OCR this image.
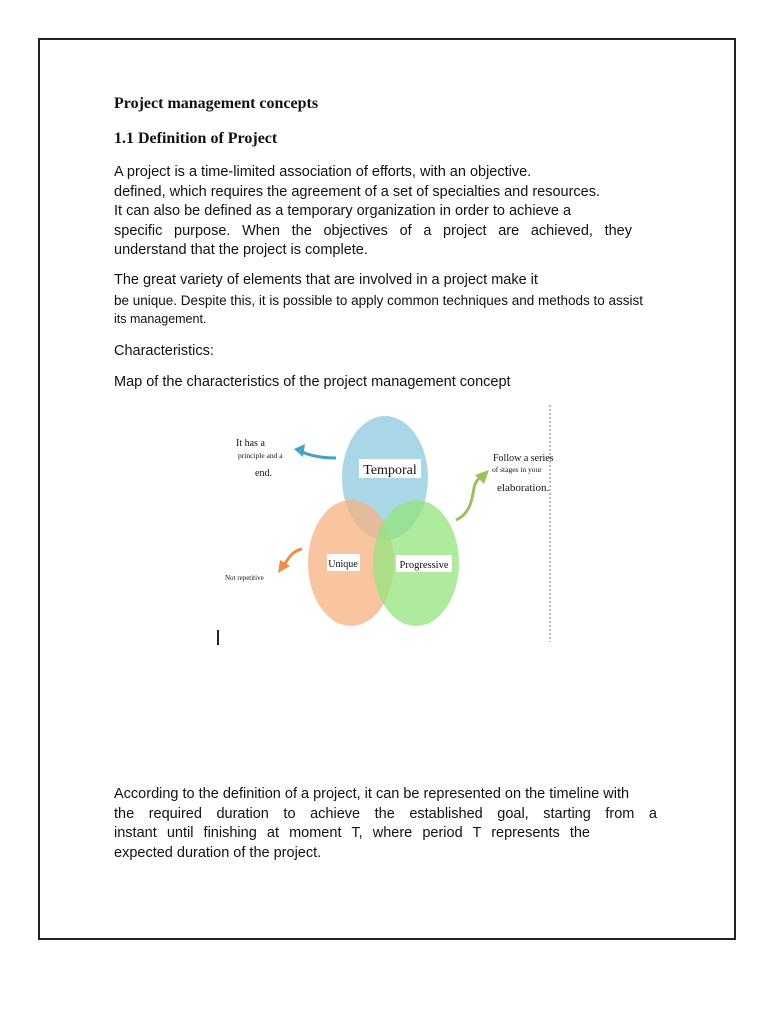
Project management concepts
1.1 Definition of Project
A project is a time-limited association of efforts, with an objective.
defined, which requires the agreement of a set of specialties and resources.
It can also be defined as a temporary organization in order to achieve a
specific purpose. When the objectives of a project are achieved, they
understand that the project is complete.
The great variety of elements that are involved in a project make it
be unique. Despite this, it is possible to apply common techniques and methods to assist
its management.
Characteristics:
Map of the characteristics of the project management concept
Temporal
Unique	Progressive
It has a
principle and a
end.
Not repetitive
Follow a series
of stages in your
elaboration.
According to the definition of a project, it can be represented on the timeline with
the required duration to achieve the established goal, starting from a
instant until finishing at moment T, where period T represents the
expected duration of the project.
